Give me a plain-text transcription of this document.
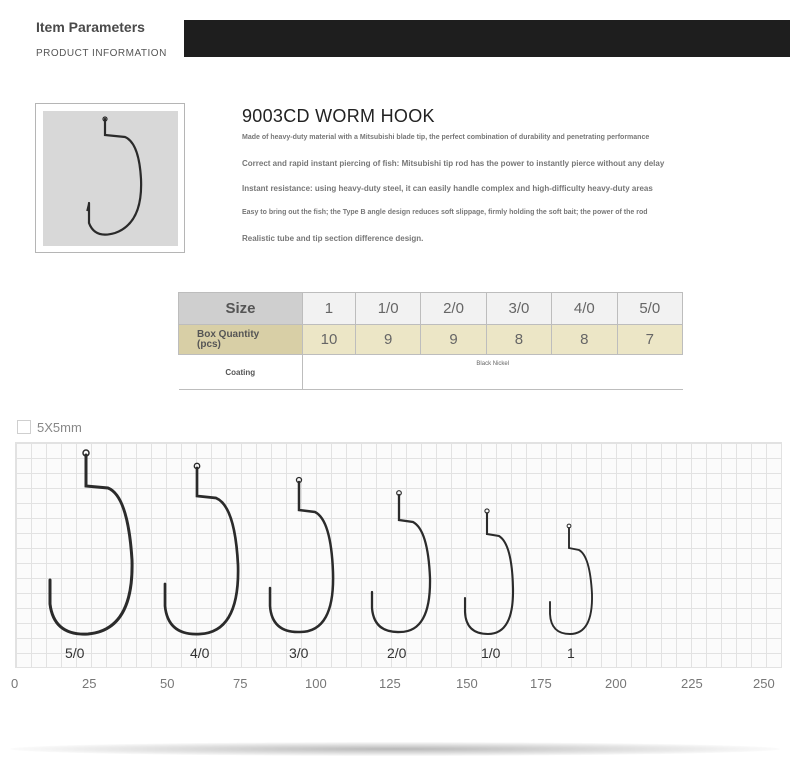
Item Parameters
PRODUCT INFORMATION
9003CD WORM HOOK
Made of heavy-duty material with a Mitsubishi blade tip, the perfect combination of durability and penetrating performance
Correct and rapid instant piercing of fish: Mitsubishi tip rod has the power to instantly pierce without any delay
Instant resistance: using heavy-duty steel, it can easily handle complex and high-difficulty heavy-duty areas
Easy to bring out the fish; the Type B angle design reduces soft slippage, firmly holding the soft bait; the power of the rod
Realistic tube and tip section difference design.
Size	1	1/0	2/0	3/0	4/0	5/0

Box Quantity
(pcs)	10	9	9	8	8	7
Coating	Black Nickel					
5X5mm
5/0	4/0	3/0	2/0	1/0	1
0	25	50	75	100	125	150	175	200	225	250
